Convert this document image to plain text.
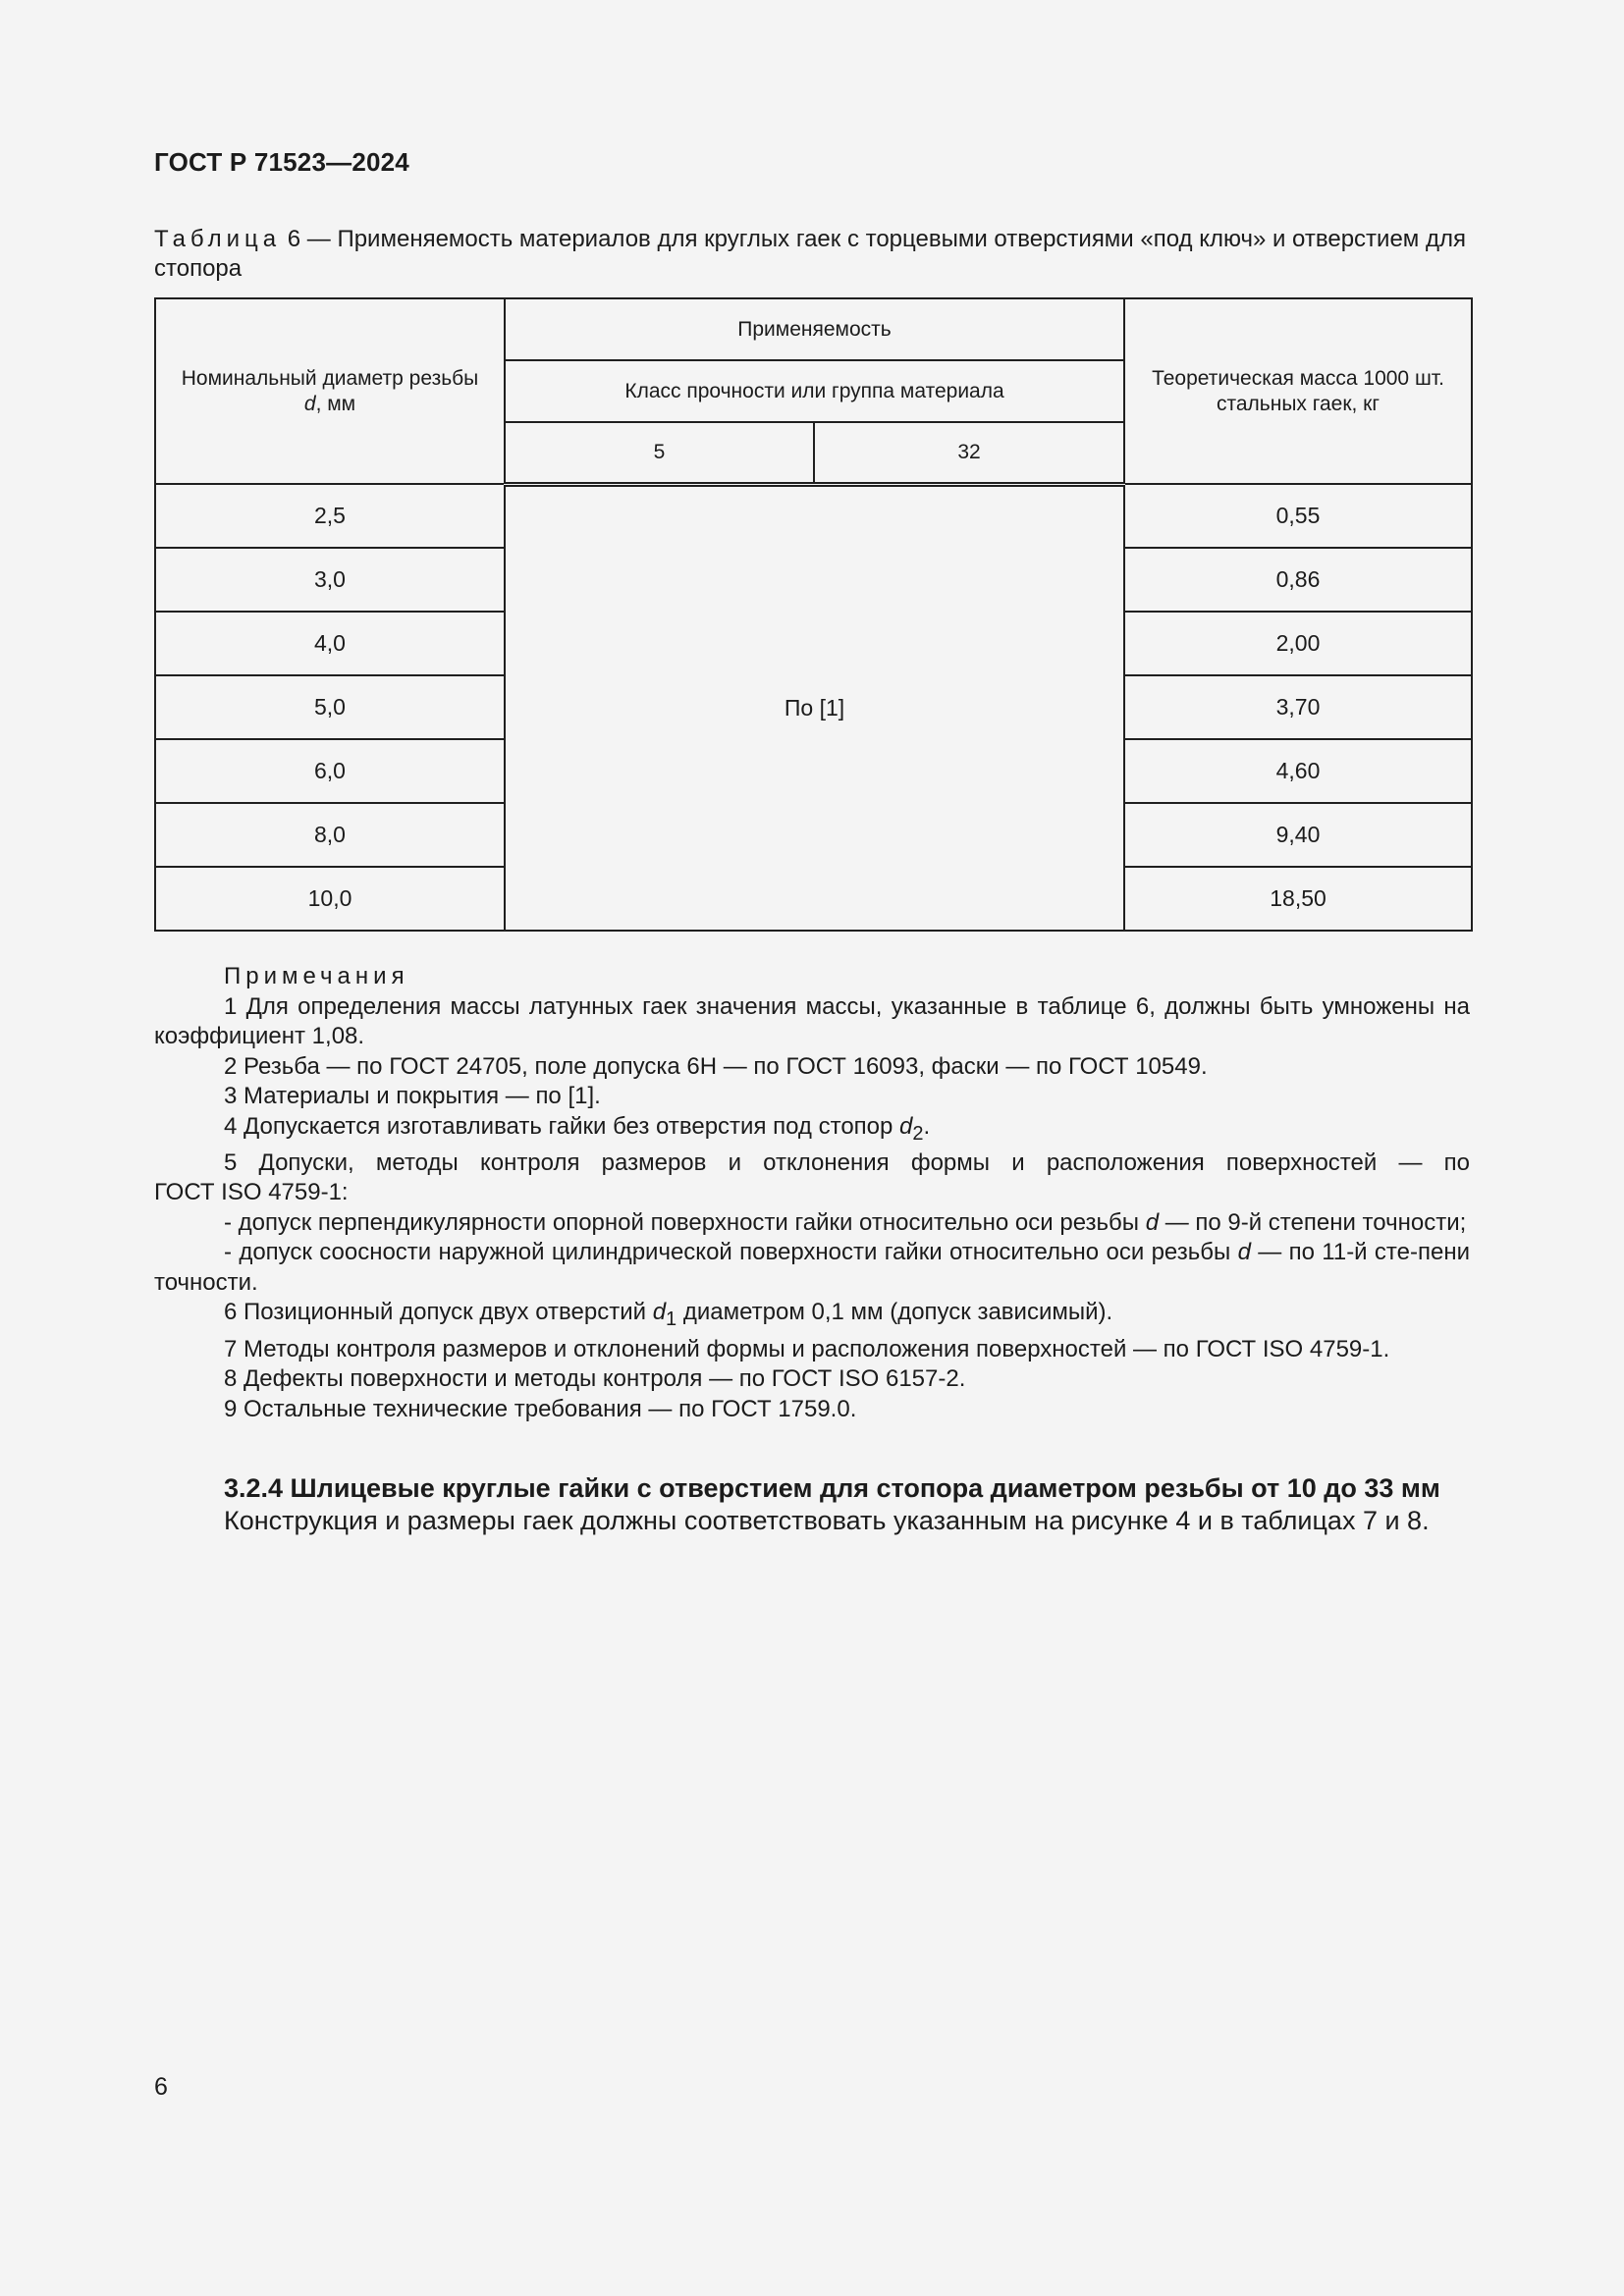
ГОСТ Р 71523—2024
Таблица 6 — Применяемость материалов для круглых гаек с торцевыми отверстиями «под ключ» и отверстием для стопора
Номинальный диаметр резьбы
d, мм	Применяемость		Теоретическая масса 1000 шт. стальных гаек, кг
	Класс прочности или группа материала		
	5	32	
2,5	По [1]		0,55
3,0			0,86
4,0			2,00
5,0			3,70
6,0			4,60
8,0			9,40
10,0			18,50
Примечания
1 Для определения массы латунных гаек значения массы, указанные в таблице 6, должны быть умножены на коэффициент 1,08.
2 Резьба — по ГОСТ 24705, поле допуска 6Н — по ГОСТ 16093, фаски — по ГОСТ 10549.
3 Материалы и покрытия — по [1].
4 Допускается изготавливать гайки без отверстия под стопор $d_2$.
5 Допуски, методы контроля размеров и отклонения формы и расположения поверхностей — по
ГОСТ ISO 4759-1:
- допуск перпендикулярности опорной поверхности гайки относительно оси резьбы d — по 9-й степени точности;
- допуск соосности наружной цилиндрической поверхности гайки относительно оси резьбы d — по 11-й сте-пени точности.
6 Позиционный допуск двух отверстий $d_1$ диаметром 0,1 мм (допуск зависимый).
7 Методы контроля размеров и отклонений формы и расположения поверхностей — по ГОСТ ISO 4759-1.
8 Дефекты поверхности и методы контроля — по ГОСТ ISO 6157-2.
9 Остальные технические требования — по ГОСТ 1759.0.
3.2.4 Шлицевые круглые гайки с отверстием для стопора диаметром резьбы от 10 до 33 мм
Конструкция и размеры гаек должны соответствовать указанным на рисунке 4 и в таблицах 7 и 8.
6
